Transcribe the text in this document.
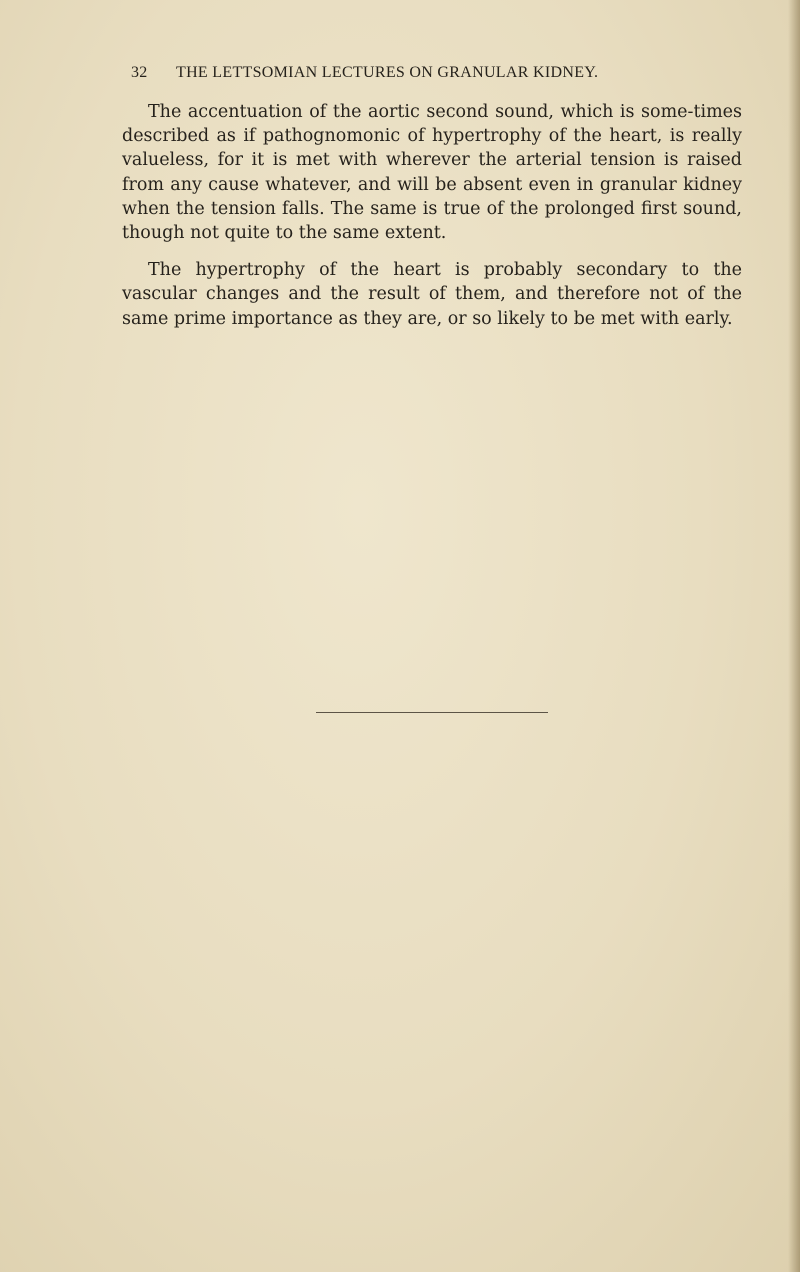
32 THE LETTSOMIAN LECTURES ON GRANULAR KIDNEY.

The accentuation of the aortic second sound, which is some-times described as if pathognomonic of hypertrophy of the heart, is really valueless, for it is met with wherever the arterial tension is raised from any cause whatever, and will be absent even in granular kidney when the tension falls. The same is true of the prolonged first sound, though not quite to the same extent.

The hypertrophy of the heart is probably secondary to the vascular changes and the result of them, and therefore not of the same prime importance as they are, or so likely to be met with early.
